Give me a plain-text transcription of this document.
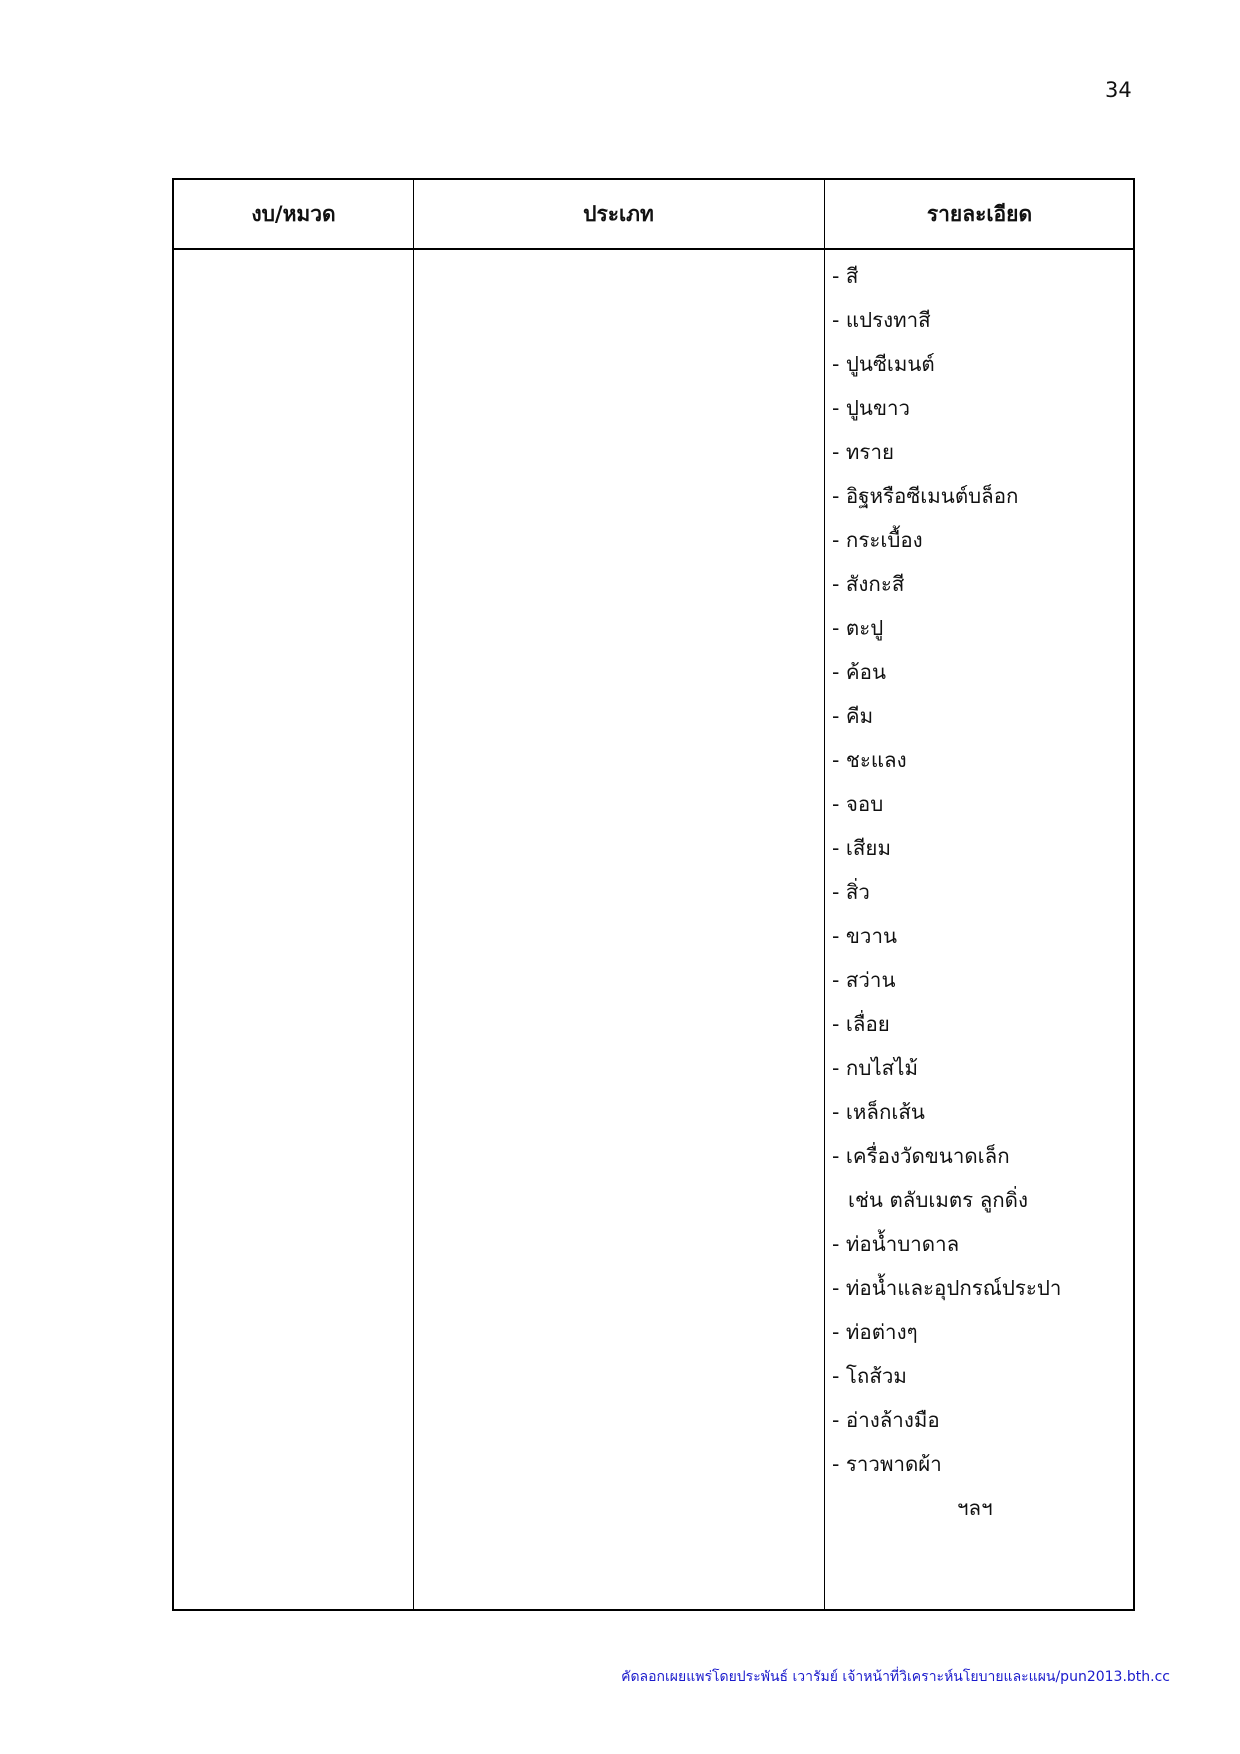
34
งบ/หมวด	ประเภท	รายละเอียด
- สี
- แปรงทาสี
- ปูนซีเมนต์
- ปูนขาว
- ทราย
- อิฐหรือซีเมนต์บล็อก
- กระเบื้อง
- สังกะสี
- ตะปู
- ค้อน
- คีม
- ชะแลง
- จอบ
- เสียม
- สิ่ว
- ขวาน
- สว่าน
- เลื่อย
- กบไสไม้
- เหล็กเส้น
- เครื่องวัดขนาดเล็ก
เช่น ตลับเมตร ลูกดิ่ง
- ท่อน้ำบาดาล
- ท่อน้ำและอุปกรณ์ประปา
- ท่อต่างๆ
- โถส้วม
- อ่างล้างมือ
- ราวพาดผ้า
ฯลฯ
คัดลอกเผยแพร่โดยประพันธ์ เวารัมย์ เจ้าหน้าที่วิเคราะห์นโยบายและแผน/pun2013.bth.cc
